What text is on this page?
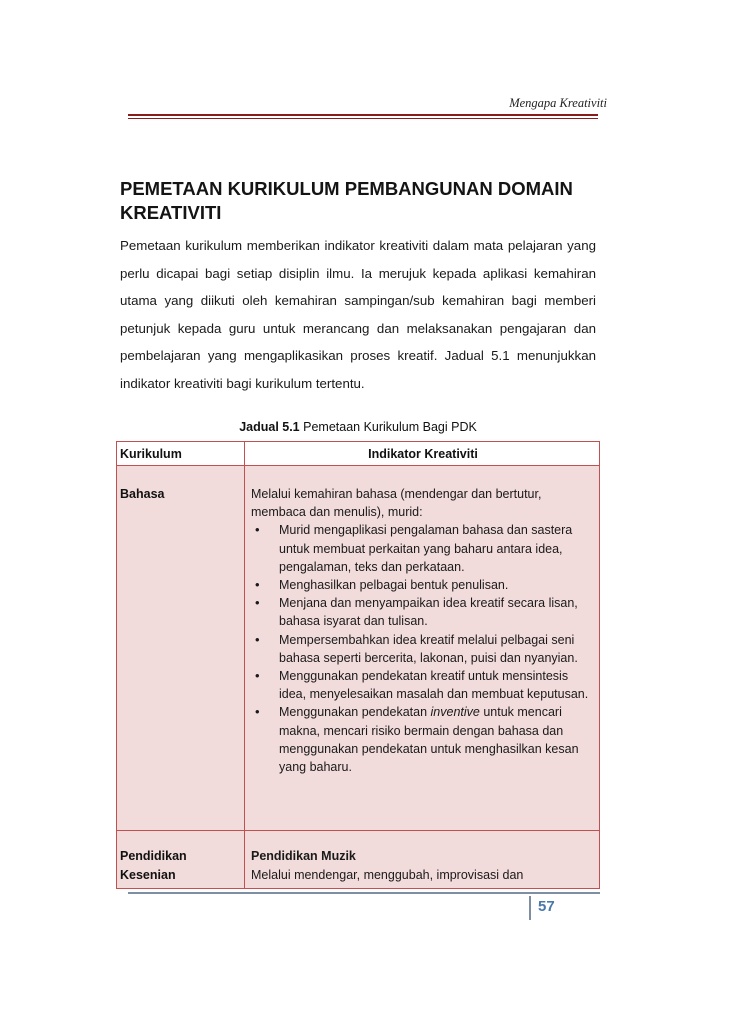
Mengapa Kreativiti
PEMETAAN KURIKULUM PEMBANGUNAN DOMAIN KREATIVITI

Pemetaan kurikulum memberikan indikator kreativiti dalam mata pelajaran yang perlu dicapai bagi setiap disiplin ilmu. Ia merujuk kepada aplikasi kemahiran utama yang diikuti oleh kemahiran sampingan/sub kemahiran bagi memberi petunjuk kepada guru untuk merancang dan melaksanakan pengajaran dan pembelajaran yang mengaplikasikan proses kreatif. Jadual 5.1 menunjukkan indikator kreativiti bagi kurikulum tertentu.

Jadual 5.1 Pemetaan Kurikulum Bagi PDK
Kurikulum	Indikator Kreativiti
Bahasa	Melalui kemahiran bahasa (mendengar dan bertutur, membaca dan menulis), murid:
• Murid mengaplikasi pengalaman bahasa dan sastera untuk membuat perkaitan yang baharu antara idea, pengalaman, teks dan perkataan.
• Menghasilkan pelbagai bentuk penulisan.
• Menjana dan menyampaikan idea kreatif secara lisan, bahasa isyarat dan tulisan.
• Mempersembahkan idea kreatif melalui pelbagai seni bahasa seperti bercerita, lakonan, puisi dan nyanyian.
• Menggunakan pendekatan kreatif untuk mensintesis idea, menyelesaikan masalah dan membuat keputusan.
• Menggunakan pendekatan inventive untuk mencari makna, mencari risiko bermain dengan bahasa dan menggunakan pendekatan untuk menghasilkan kesan yang baharu.
Pendidikan
Kesenian
Pendidikan Muzik
Melalui mendengar, menggubah, improvisasi dan
57
